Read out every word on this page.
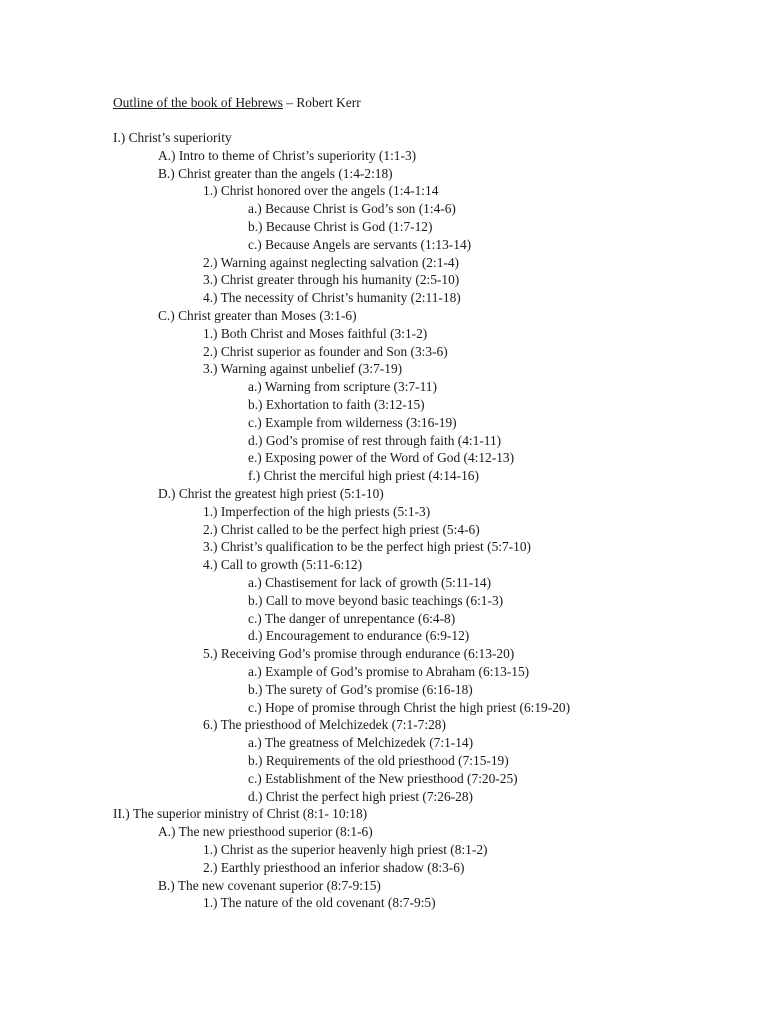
Outline of the book of Hebrews – Robert Kerr
I.) Christ’s superiority
A.) Intro to theme of Christ’s superiority (1:1-3)
B.) Christ greater than the angels (1:4-2:18)
1.) Christ honored over the angels (1:4-1:14
a.) Because Christ is God’s son (1:4-6)
b.) Because Christ is God (1:7-12)
c.) Because Angels are servants (1:13-14)
2.) Warning against neglecting salvation (2:1-4)
3.) Christ greater through his humanity (2:5-10)
4.) The necessity of Christ’s humanity (2:11-18)
C.) Christ greater than Moses (3:1-6)
1.) Both Christ and Moses faithful (3:1-2)
2.) Christ superior as founder and Son (3:3-6)
3.) Warning against unbelief (3:7-19)
a.) Warning from scripture (3:7-11)
b.) Exhortation to faith (3:12-15)
c.) Example from wilderness (3:16-19)
d.) God’s promise of rest through faith (4:1-11)
e.) Exposing power of the Word of God (4:12-13)
f.) Christ the merciful high priest (4:14-16)
D.) Christ the greatest high priest (5:1-10)
1.) Imperfection of the high priests (5:1-3)
2.) Christ called to be the perfect high priest (5:4-6)
3.) Christ’s qualification to be the perfect high priest (5:7-10)
4.) Call to growth (5:11-6:12)
a.) Chastisement for lack of growth (5:11-14)
b.) Call to move beyond basic teachings (6:1-3)
c.) The danger of unrepentance (6:4-8)
d.) Encouragement to endurance (6:9-12)
5.) Receiving God’s promise through endurance (6:13-20)
a.) Example of God’s promise to Abraham (6:13-15)
b.) The surety of God’s promise (6:16-18)
c.) Hope of promise through Christ the high priest (6:19-20)
6.) The priesthood of Melchizedek (7:1-7:28)
a.) The greatness of Melchizedek (7:1-14)
b.) Requirements of the old priesthood (7:15-19)
c.) Establishment of the New priesthood (7:20-25)
d.) Christ the perfect high priest (7:26-28)
II.) The superior ministry of Christ (8:1- 10:18)
A.) The new priesthood superior (8:1-6)
1.) Christ as the superior heavenly high priest (8:1-2)
2.) Earthly priesthood an inferior shadow (8:3-6)
B.) The new covenant superior (8:7-9:15)
1.) The nature of the old covenant (8:7-9:5)
